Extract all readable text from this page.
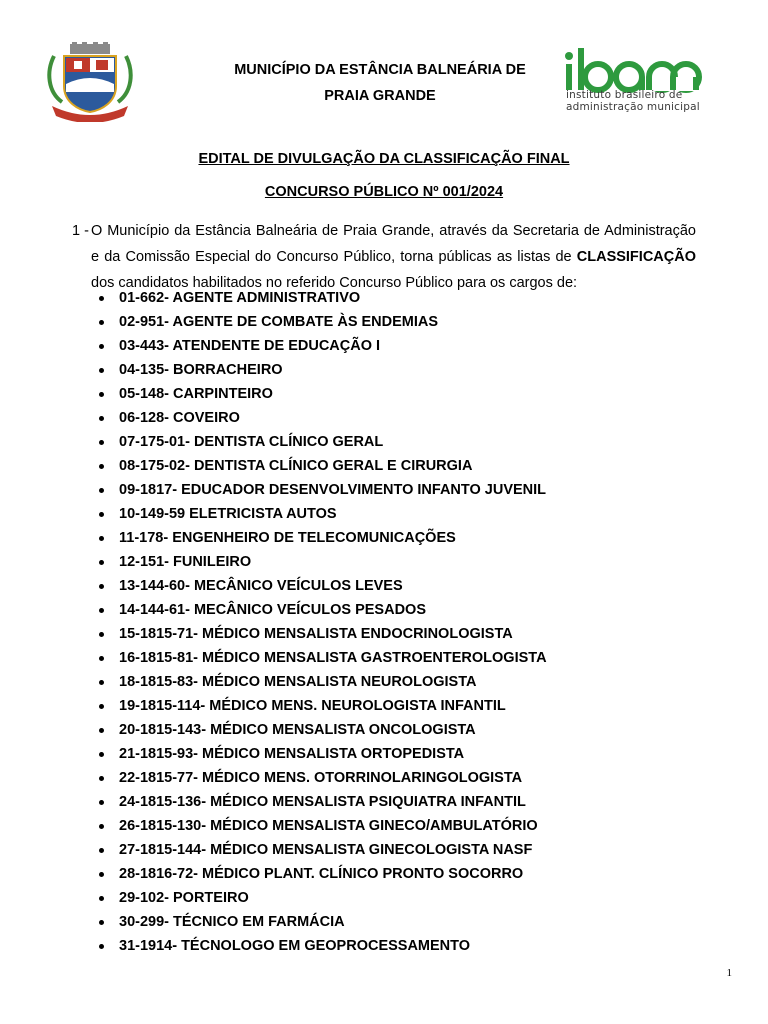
MUNICÍPIO DA ESTÂNCIA BALNEÁRIA DE
PRAIA GRANDE	instituto brasileiro de
administração municipal
EDITAL DE DIVULGAÇÃO DA CLASSIFICAÇÃO FINAL
CONCURSO PÚBLICO Nº 001/2024
1 - O Município da Estância Balneária de Praia Grande, através da Secretaria de Administração e da Comissão Especial do Concurso Público, torna públicas as listas de CLASSIFICAÇÃO dos candidatos habilitados no referido Concurso Público para os cargos de:
01-662- AGENTE ADMINISTRATIVO
02-951- AGENTE DE COMBATE ÀS ENDEMIAS
03-443- ATENDENTE DE EDUCAÇÃO I
04-135- BORRACHEIRO
05-148- CARPINTEIRO
06-128- COVEIRO
07-175-01- DENTISTA CLÍNICO GERAL
08-175-02- DENTISTA CLÍNICO GERAL E CIRURGIA
09-1817- EDUCADOR DESENVOLVIMENTO INFANTO JUVENIL
10-149-59 ELETRICISTA AUTOS
11-178- ENGENHEIRO DE TELECOMUNICAÇÕES
12-151- FUNILEIRO
13-144-60- MECÂNICO VEÍCULOS LEVES
14-144-61- MECÂNICO VEÍCULOS PESADOS
15-1815-71- MÉDICO MENSALISTA ENDOCRINOLOGISTA
16-1815-81- MÉDICO MENSALISTA GASTROENTEROLOGISTA
18-1815-83- MÉDICO MENSALISTA NEUROLOGISTA
19-1815-114- MÉDICO MENS. NEUROLOGISTA INFANTIL
20-1815-143- MÉDICO MENSALISTA ONCOLOGISTA
21-1815-93- MÉDICO MENSALISTA ORTOPEDISTA
22-1815-77- MÉDICO MENS. OTORRINOLARINGOLOGISTA
24-1815-136- MÉDICO MENSALISTA PSIQUIATRA INFANTIL
26-1815-130- MÉDICO MENSALISTA GINECO/AMBULATÓRIO
27-1815-144- MÉDICO MENSALISTA GINECOLOGISTA NASF
28-1816-72- MÉDICO PLANT. CLÍNICO PRONTO SOCORRO
29-102- PORTEIRO
30-299- TÉCNICO EM FARMÁCIA
31-1914- TÉCNOLOGO EM GEOPROCESSAMENTO
1
